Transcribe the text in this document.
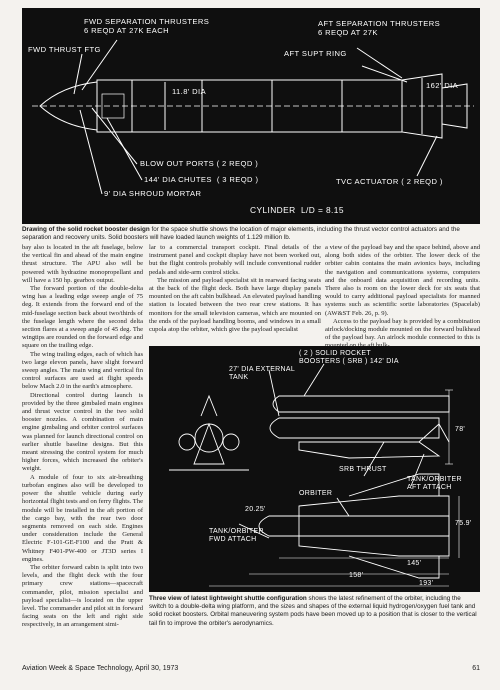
FWD SEPARATION THRUSTERS
6 REQD AT 27K EACH
FWD THRUST FTG
AFT SEPARATION THRUSTERS
6 REQD AT 27K
AFT SUPT RING
11.8' DIA
162' DIA
BLOW OUT PORTS ( 2 REQD )
144' DIA CHUTES  ( 3 REQD )
9' DIA SHROUD MORTAR
TVC ACTUATOR ( 2 REQD )
CYLINDER  L/D = 8.15
Drawing of the solid rocket booster design for the space shuttle shows the location of major elements, including the thrust vector control actuators and the separation and recovery units. Solid boosters will have loaded launch weights of 1.129 million lb.

bay also is located in the aft fuselage, below the vertical fin and ahead of the main engine thrust structure. The APU also will be powered with hydrazine monopropellant and will have a 150 hp. gearbox output.

The forward portion of the double-delta wing has a leading edge sweep angle of 75 deg. It extends from the forward end of the mid-fuselage section back about two/thirds of the fuselage length where the second delta section flares at a sweep angle of 45 deg. The wingtips are rounded on the forward edge and square on the trailing edge.

The wing trailing edges, each of which has two large elevon panels, have slight forward sweep angles. The main wing and vertical fin control surfaces are used at flight speeds below Mach 2.0 in the earth's atmosphere.

Directional control during launch is provided by the three gimbaled main engines and thrust vector control in the two solid booster nozzles. A combination of main engine gimbaling and orbiter control surfaces was planned for launch directional control on earlier shuttle baseline designs. But this meant stressing the control system for much higher forces, which increased the orbiter's weight.

A module of four to six air-breathing turbofan engines also will be developed to power the shuttle vehicle during early horizontal flight tests and on ferry flights. The module will be installed in the aft portion of the cargo bay, with the rear two door segments removed on each side. Engines under consideration include the General Electric F-101-GE-F100 and the Pratt & Whitney F401-PW-400 or JT3D series I engines.

The orbiter forward cabin is split into two levels, and the flight deck with the four primary crew stations—spacecraft commander, pilot, mission specialist and payload specialist—is located on the upper level. The commander and pilot sit in forward facing seats on the left and right side respectively, in an arrangement simi-

lar to a commercial transport cockpit. Final details of the instrument panel and cockpit display have not been worked out, but the flight controls probably will include conventional rudder pedals and side-arm control sticks.

The mission and payload specialist sit in rearward facing seats at the back of the flight deck. Both have large display panels mounted on the aft cabin bulkhead. An elevated payload handling station is located between the two rear crew stations. It has monitors for the small television cameras, which are mounted on the ends of the payload handling booms, and windows in a small cupola atop the orbiter, which give the payload specialist

a view of the payload bay and the space behind, above and along both sides of the orbiter. The lower deck of the orbiter cabin contains the main avionics bays, including the navigation and communications systems, computers and the onboard data acquisition and recording units. There also is room on the lower deck for six seats that would to carry additional payload specialists for manned systems such as scientific sortie laboratories (Spacelab) (AW&ST Feb. 26, p. 9).

Access to the payload bay is provided by a combination airlock/docking module mounted on the forward bulkhead of the payload bay. An airlock module connected to this is

( 2 ) SOLID ROCKET
BOOSTERS ( SRB ) 142' DIA
27' DIA EXTERNAL
TANK
78'
SRB THRUST
TANK/ORBITER
AFT ATTACH
ORBITER
20.25'
75.9'
TANK/ORBITER
FWD ATTACH
145'
158'
193'
Three view of latest lightweight shuttle configuration shows the latest refinement of the orbiter, including the switch to a double-delta wing platform, and the sizes and shapes of the external liquid hydrogen/oxygen fuel tank and solid rocket boosters. Orbital maneuvering system pods have been moved up to a position that is closer to the vertical tail fin to improve the orbiter's aerodynamics.
Aviation Week & Space Technology, April 30, 1973	61
